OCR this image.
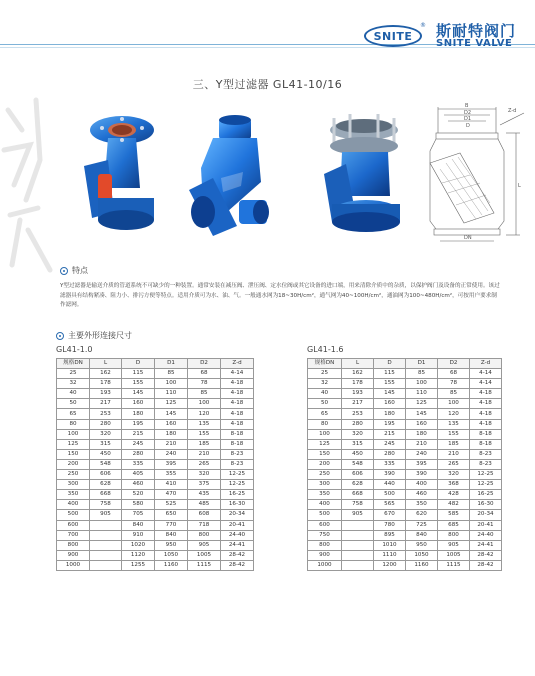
SNITE
® 斯耐特阀门
SNITE VALVE
三、Y型过滤器 GL41-10/16
B
D2
D1
D
Z-d
L
DN
特点
Y型过滤器是输送介质的管道系统不可缺少的一种装置。通常安装在减压阀、泄压阀、定水位阀或其它设备的进口端，用来清除介质中的杂质，以保护阀门及设备的正常使用。该过滤器具有结构紧凑、阻力小、排污方便等特点。适用介质可为水、油、气。一般通水网为18~30H/cm²，通气网为40~100H/cm²，通油网为100~480H/cm²，可按用户要求制作滤网。
主要外形连接尺寸
GL41-1.0
规格DN	L	D	D1	D2	Z-d
25	162	115	85	68	4-14
32	178	155	100	78	4-18
40	193	145	110	85	4-18
50	217	160	125	100	4-18
65	253	180	145	120	4-18
80	280	195	160	135	4-18
100	320	215	180	155	8-18
125	315	245	210	185	8-18
150	450	280	240	210	8-23
200	548	335	395	265	8-23
250	606	405	355	320	12-25
300	628	460	410	375	12-25
350	668	520	470	435	16-25
400	758	580	525	485	16-30
500	905	705	650	608	20-34
600		840	770	718	20-41
700		910	840	800	24-40
800		1020	950	905	24-41
900		1120	1050	1005	28-42
1000		1255	1160	1115	28-42
GL41-1.6
规格DN	L	D	D1	D2	Z-d
25	162	115	85	68	4-14
32	178	155	100	78	4-14
40	193	145	110	85	4-18
50	217	160	125	100	4-18
65	253	180	145	120	4-18
80	280	195	160	135	4-18
100	320	215	180	155	8-18
125	315	245	210	185	8-18
150	450	280	240	210	8-23
200	548	335	395	265	8-23
250	606	390	390	320	12-25
300	628	440	400	368	12-25
350	668	500	460	428	16-25
400	758	565	350	482	16-30
500	905	670	620	585	20-34
600		780	725	685	20-41
750		895	840	800	24-40
800		1010	950	905	24-41
900		1110	1050	1005	28-42
1000		1200	1160	1115	28-42
